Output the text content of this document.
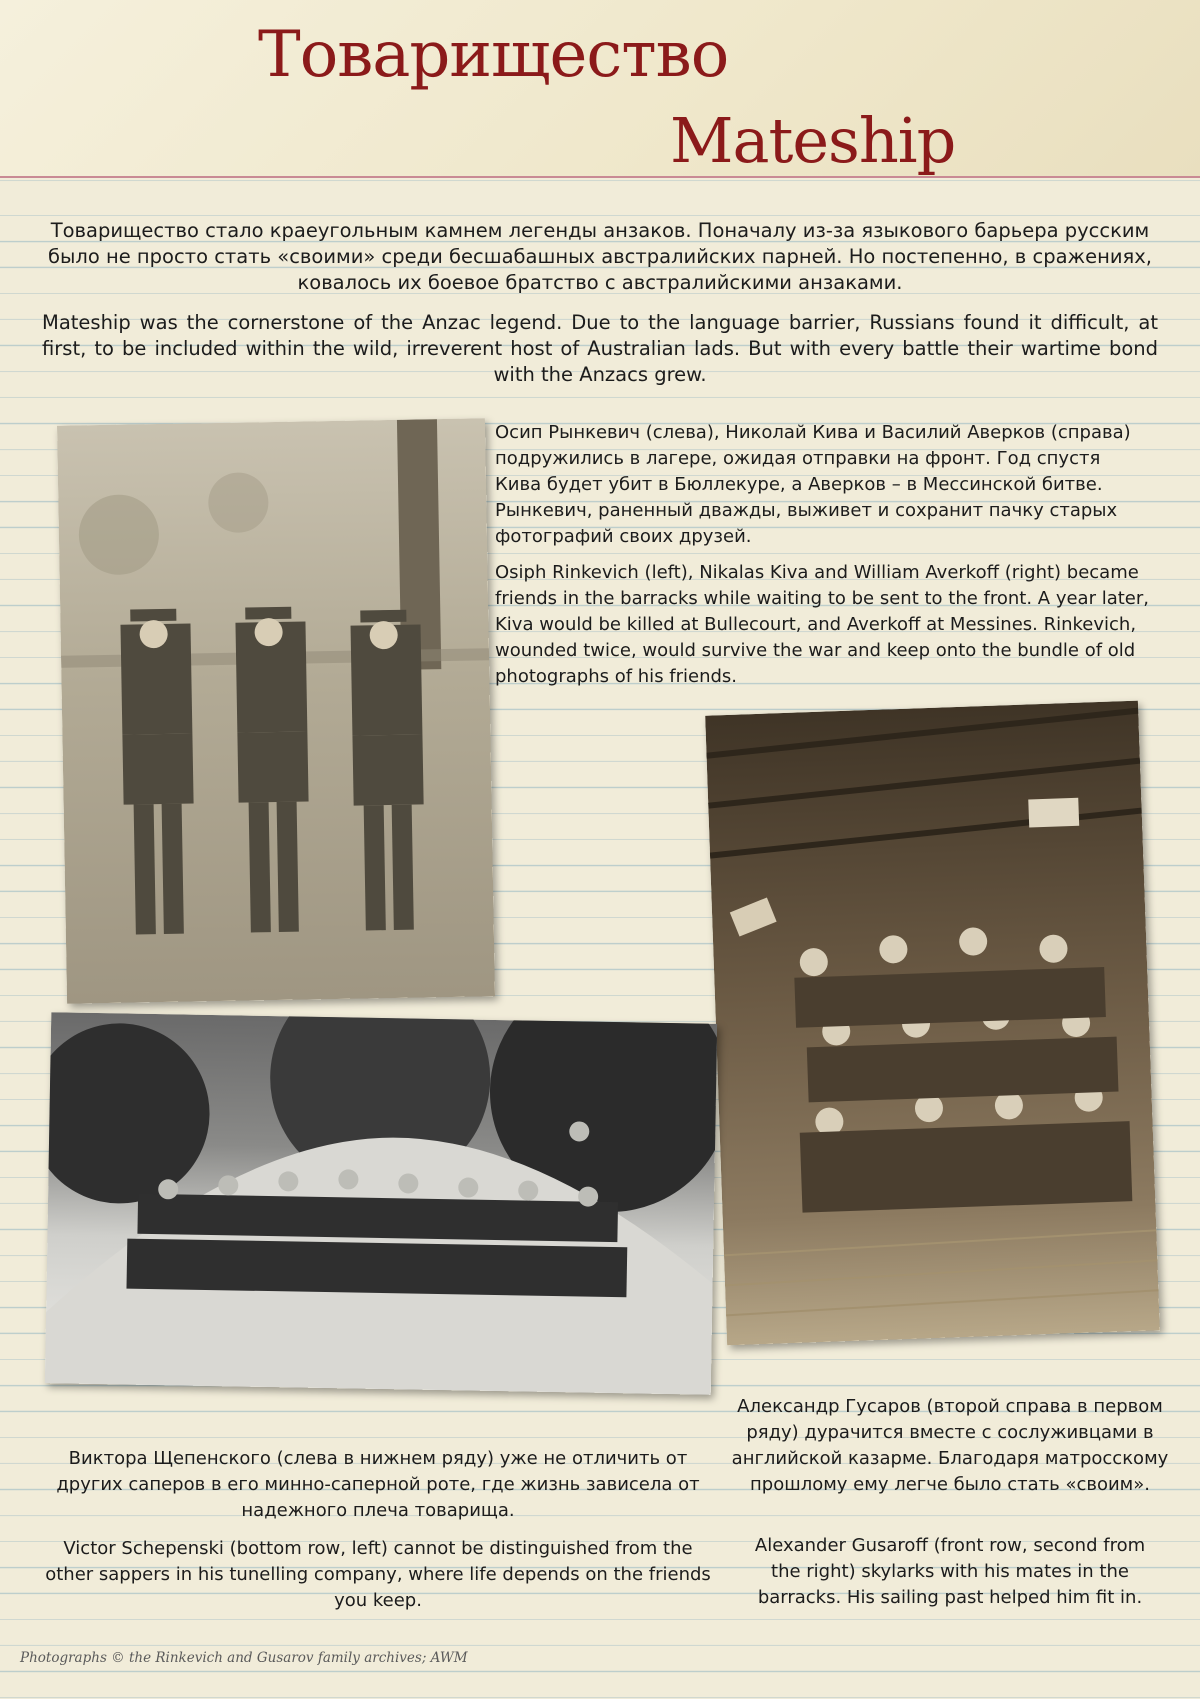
Товарищество
Mateship

Товарищество стало краеугольным камнем легенды анзаков. Поначалу из-за языкового барьера русским было не просто стать «своими» среди бесшабашных австралийских парней. Но постепенно, в сражениях, ковалось их боевое братство с австралийскими анзаками.

Mateship was the cornerstone of the Anzac legend. Due to the language barrier, Russians found it difficult, at first, to be included within the wild, irreverent host of Australian lads. But with every battle their wartime bond with the Anzacs grew.

Осип Рынкевич (слева), Николай Кива и Василий Аверков (справа) подружились в лагере, ожидая отправки на фронт. Год спустя Кива будет убит в Бюллекуре, а Аверков – в Мессинской битве. Рынкевич, раненный дважды, выживет и сохранит пачку старых фотографий своих друзей.

Osiph Rinkevich (left), Nikalas Kiva and William Averkoff (right) became friends in the barracks while waiting to be sent to the front. A year later, Kiva would be killed at Bullecourt, and Averkoff at Messines. Rinkevich, wounded twice, would survive the war and keep onto the bundle of old photographs of his friends.

Виктора Щепенского (слева в нижнем ряду) уже не отличить от других саперов в его минно-саперной роте, где жизнь зависела от надежного плеча товарища.

Victor Schepenski (bottom row, left) cannot be distinguished from the other sappers in his tunelling company, where life depends on the friends you keep.

Александр Гусаров (второй справа в первом ряду) дурачится вместе с сослуживцами в английской казарме. Благодаря матросскому прошлому ему легче было стать «своим».

Alexander Gusaroff (front row, second from the right) skylarks with his mates in the barracks. His sailing past helped him fit in.

Photographs © the Rinkevich and Gusarov family archives; AWM
